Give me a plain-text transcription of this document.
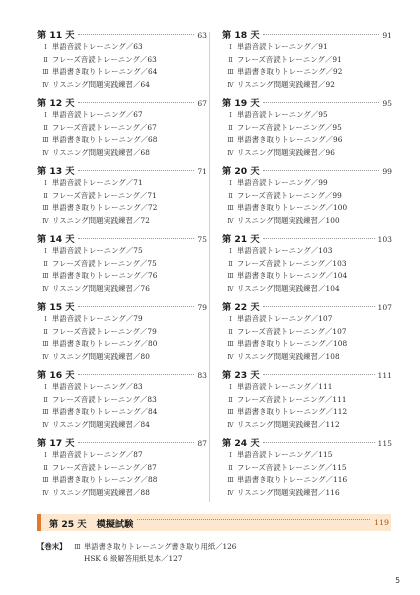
第 11 天	63
Ⅰ 単語音読トレーニング／63
Ⅱ フレーズ音読トレーニング／63
Ⅲ 単語書き取りトレーニング／64
Ⅳ リスニング問題実践練習／64
第 12 天	67
Ⅰ 単語音読トレーニング／67
Ⅱ フレーズ音読トレーニング／67
Ⅲ 単語書き取りトレーニング／68
Ⅳ リスニング問題実践練習／68
第 13 天	71
Ⅰ 単語音読トレーニング／71
Ⅱ フレーズ音読トレーニング／71
Ⅲ 単語書き取りトレーニング／72
Ⅳ リスニング問題実践練習／72
第 14 天	75
Ⅰ 単語音読トレーニング／75
Ⅱ フレーズ音読トレーニング／75
Ⅲ 単語書き取りトレーニング／76
Ⅳ リスニング問題実践練習／76
第 15 天	79
Ⅰ 単語音読トレーニング／79
Ⅱ フレーズ音読トレーニング／79
Ⅲ 単語書き取りトレーニング／80
Ⅳ リスニング問題実践練習／80
第 16 天	83
Ⅰ 単語音読トレーニング／83
Ⅱ フレーズ音読トレーニング／83
Ⅲ 単語書き取りトレーニング／84
Ⅳ リスニング問題実践練習／84
第 17 天	87
Ⅰ 単語音読トレーニング／87
Ⅱ フレーズ音読トレーニング／87
Ⅲ 単語書き取りトレーニング／88
Ⅳ リスニング問題実践練習／88
第 18 天	91
Ⅰ 単語音読トレーニング／91
Ⅱ フレーズ音読トレーニング／91
Ⅲ 単語書き取りトレーニング／92
Ⅳ リスニング問題実践練習／92
第 19 天	95
Ⅰ 単語音読トレーニング／95
Ⅱ フレーズ音読トレーニング／95
Ⅲ 単語書き取りトレーニング／96
Ⅳ リスニング問題実践練習／96
第 20 天	99
Ⅰ 単語音読トレーニング／99
Ⅱ フレーズ音読トレーニング／99
Ⅲ 単語書き取りトレーニング／100
Ⅳ リスニング問題実践練習／100
第 21 天	103
Ⅰ 単語音読トレーニング／103
Ⅱ フレーズ音読トレーニング／103
Ⅲ 単語書き取りトレーニング／104
Ⅳ リスニング問題実践練習／104
第 22 天	107
Ⅰ 単語音読トレーニング／107
Ⅱ フレーズ音読トレーニング／107
Ⅲ 単語書き取りトレーニング／108
Ⅳ リスニング問題実践練習／108
第 23 天	111
Ⅰ 単語音読トレーニング／111
Ⅱ フレーズ音読トレーニング／111
Ⅲ 単語書き取りトレーニング／112
Ⅳ リスニング問題実践練習／112
第 24 天	115
Ⅰ 単語音読トレーニング／115
Ⅱ フレーズ音読トレーニング／115
Ⅲ 単語書き取りトレーニング／116
Ⅳ リスニング問題実践練習／116
第 25 天 模擬試験	119
【巻末】	Ⅲ 単語書き取りトレーニング書き取り用紙／126
HSK 6 級解答用紙見本／127
5
